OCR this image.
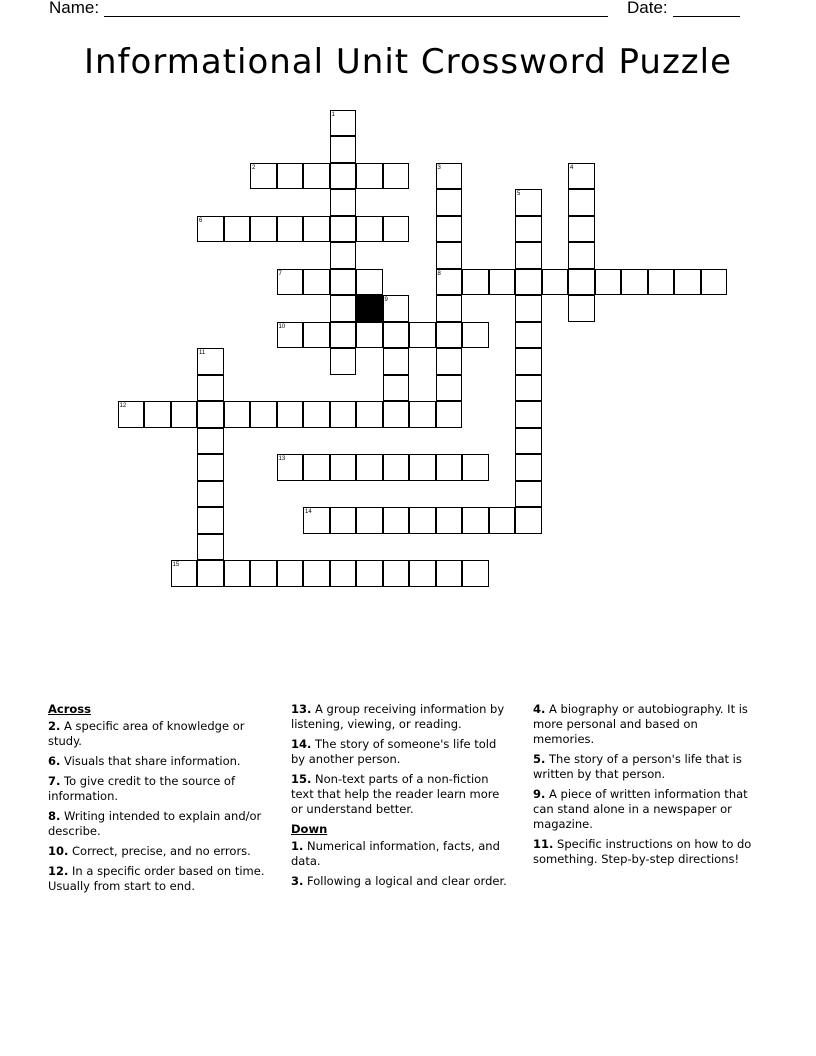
Name:	Date:
Informational Unit Crossword Puzzle
1
2	3	4
5
6
7	8
9
10
11
12
13
14
15
Across
2. A specific area of knowledge or study.
6. Visuals that share information.
7. To give credit to the source of information.
8. Writing intended to explain and/or describe.
10. Correct, precise, and no errors.
12. In a specific order based on time. Usually from start to end.
13. A group receiving information by listening, viewing, or reading.
14. The story of someone's life told by another person.
15. Non-text parts of a non-fiction text that help the reader learn more or understand better.
Down
1. Numerical information, facts, and data.
3. Following a logical and clear order.
4. A biography or autobiography. It is more personal and based on memories.
5. The story of a person's life that is written by that person.
9. A piece of written information that can stand alone in a newspaper or magazine.
11. Specific instructions on how to do something. Step-by-step directions!
